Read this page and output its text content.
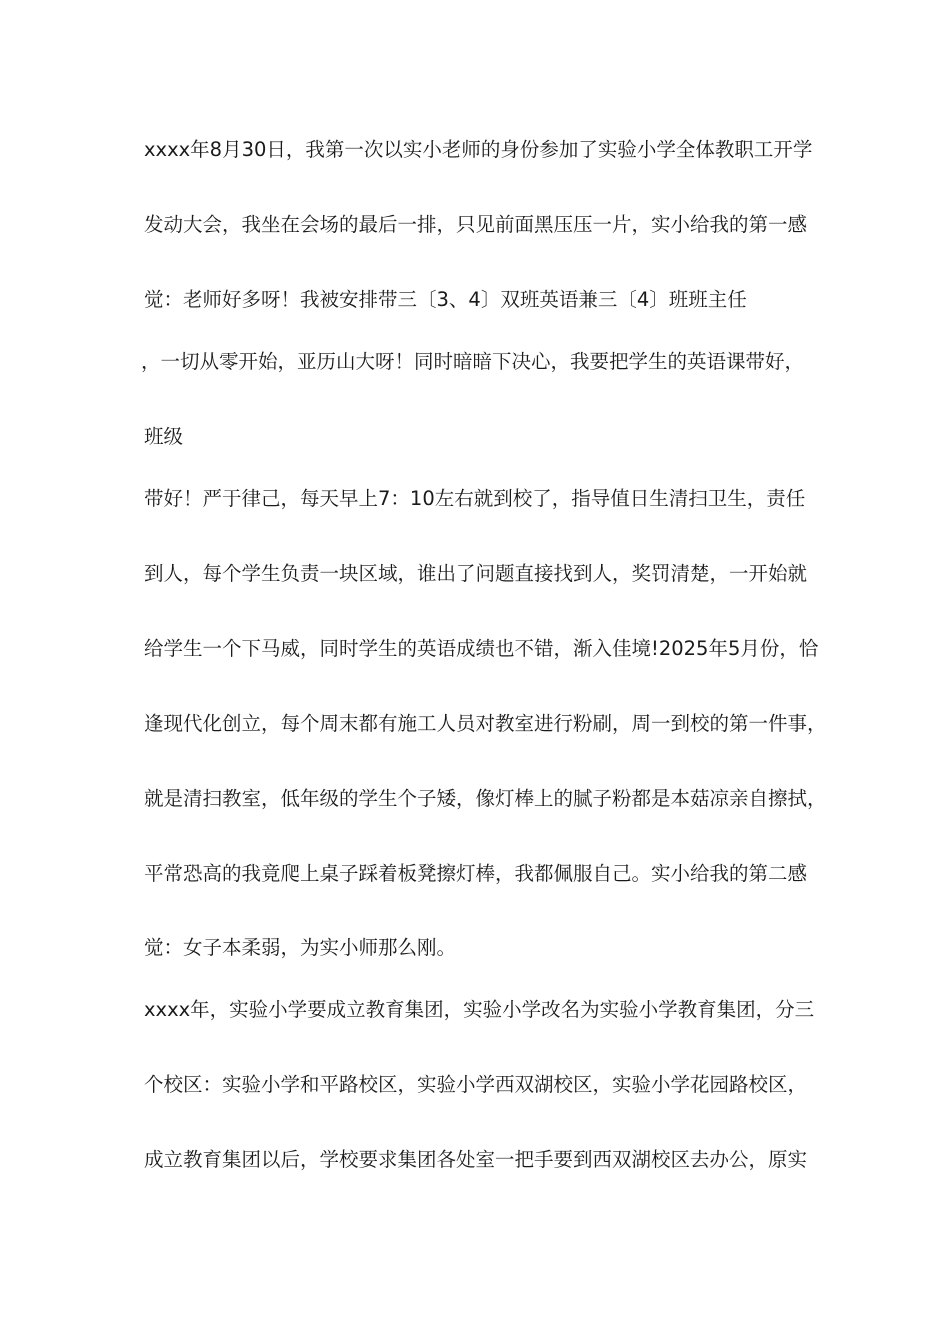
xxxx年8月30日，我第一次以实小老师的身份参加了实验小学全体教职工开学
发动大会，我坐在会场的最后一排，只见前面黑压压一片，实小给我的第一感
觉：老师好多呀！我被安排带三〔3、4〕双班英语兼三〔4〕班班主任
，一切从零开始，亚历山大呀！同时暗暗下决心，我要把学生的英语课带好，
班级
带好！严于律己，每天早上7：10左右就到校了，指导值日生清扫卫生，责任
到人，每个学生负责一块区域，谁出了问题直接找到人，奖罚清楚，一开始就
给学生一个下马威，同时学生的英语成绩也不错，渐入佳境!2025年5月份，恰
逢现代化创立，每个周末都有施工人员对教室进行粉刷，周一到校的第一件事，
就是清扫教室，低年级的学生个子矮，像灯棒上的腻子粉都是本菇凉亲自擦拭，
平常恐高的我竟爬上桌子踩着板凳擦灯棒，我都佩服自己。实小给我的第二感
觉：女子本柔弱，为实小师那么刚。
xxxx年，实验小学要成立教育集团，实验小学改名为实验小学教育集团，分三
个校区：实验小学和平路校区，实验小学西双湖校区，实验小学花园路校区，
成立教育集团以后，学校要求集团各处室一把手要到西双湖校区去办公，原实
